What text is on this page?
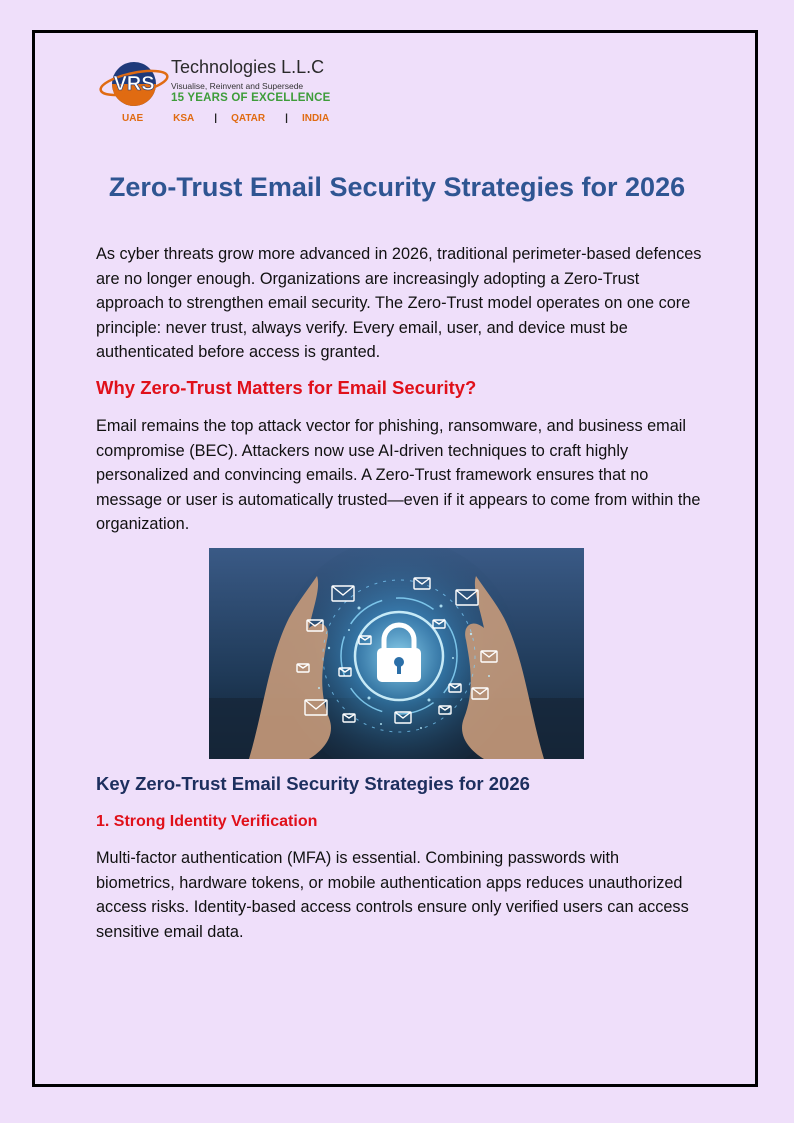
VRS
Technologies L.L.C
Visualise, Reinvent and Supersede
15 YEARS OF EXCELLENCE
UAE	KSA | QATAR | INDIA
Zero-Trust Email Security Strategies for 2026

As cyber threats grow more advanced in 2026, traditional perimeter-based defences are no longer enough. Organizations are increasingly adopting a Zero-Trust approach to strengthen email security. The Zero-Trust model operates on one core principle: never trust, always verify. Every email, user, and device must be authenticated before access is granted.

Why Zero-Trust Matters for Email Security?

Email remains the top attack vector for phishing, ransomware, and business email compromise (BEC). Attackers now use AI-driven techniques to craft highly personalized and convincing emails. A Zero-Trust framework ensures that no message or user is automatically trusted—even if it appears to come from within the organization.

Key Zero-Trust Email Security Strategies for 2026
1. Strong Identity Verification

Multi-factor authentication (MFA) is essential. Combining passwords with biometrics, hardware tokens, or mobile authentication apps reduces unauthorized access risks. Identity-based access controls ensure only verified users can access sensitive email data.
